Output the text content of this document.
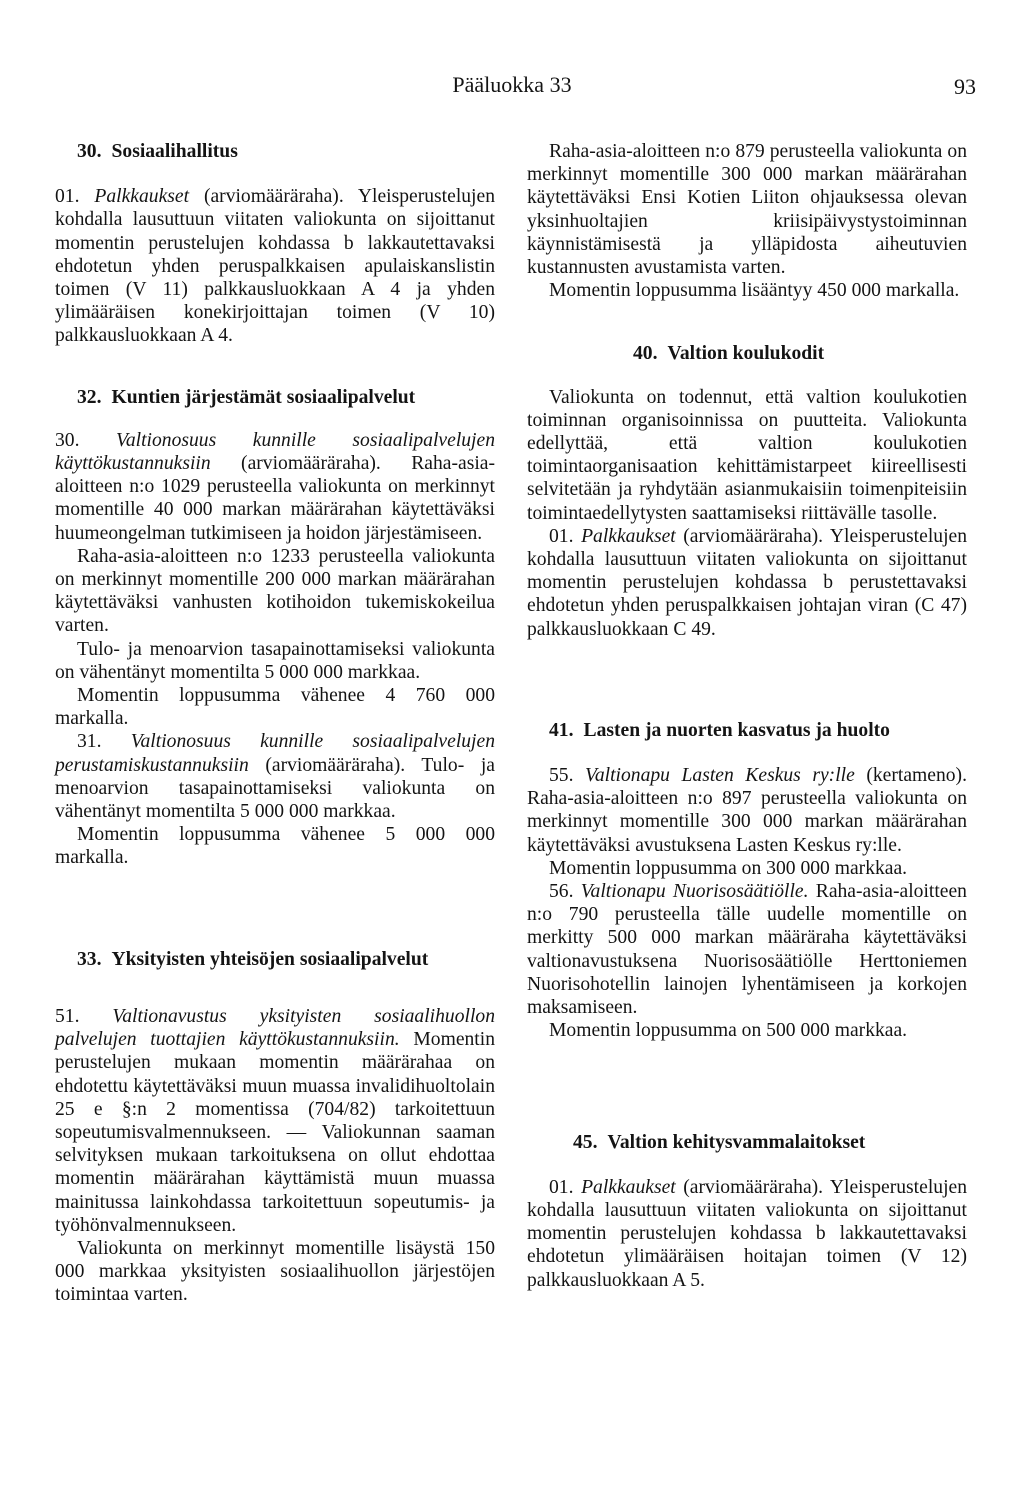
Pääluokka 33	93
30. Sosiaalihallitus

01. Palkkaukset (arviomääräraha). Yleisperustelujen kohdalla lausuttuun viitaten valiokunta on sijoittanut momentin perustelujen kohdassa b lakkautettavaksi ehdotetun yhden peruspalkkaisen apulaiskanslistin toimen (V 11) palkkausluokkaan A 4 ja yhden ylimääräisen konekirjoittajan toimen (V 10) palkkausluokkaan A 4.

32. Kuntien järjestämät sosiaalipalvelut

30. Valtionosuus kunnille sosiaalipalvelujen käyttökustannuksiin (arviomääräraha). Raha-asia-aloitteen n:o 1029 perusteella valiokunta on merkinnyt momentille 40 000 markan määrärahan käytettäväksi huumeongelman tutkimiseen ja hoidon järjestämiseen.

Raha-asia-aloitteen n:o 1233 perusteella valiokunta on merkinnyt momentille 200 000 markan määrärahan käytettäväksi vanhusten kotihoidon tukemiskokeilua varten.

Tulo- ja menoarvion tasapainottamiseksi valiokunta on vähentänyt momentilta 5 000 000 markkaa.

Momentin loppusumma vähenee 4 760 000 markalla.

31. Valtionosuus kunnille sosiaalipalvelujen perustamiskustannuksiin (arviomääräraha). Tulo- ja menoarvion tasapainottamiseksi valiokunta on vähentänyt momentilta 5 000 000 markkaa.

Momentin loppusumma vähenee 5 000 000 markalla.

33. Yksityisten yhteisöjen sosiaalipalvelut

51. Valtionavustus yksityisten sosiaalihuollon palvelujen tuottajien käyttökustannuksiin. Momentin perustelujen mukaan momentin määrärahaa on ehdotettu käytettäväksi muun muassa invalidihuoltolain 25 e §:n 2 momentissa (704/82) tarkoitettuun sopeutumisvalmennukseen. — Valiokunnan saaman selvityksen mukaan tarkoituksena on ollut ehdottaa momentin määrärahan käyttämistä muun muassa mainitussa lainkohdassa tarkoitettuun sopeutumis- ja työhönvalmennukseen.

Valiokunta on merkinnyt momentille lisäystä 150 000 markkaa yksityisten sosiaalihuollon järjestöjen toimintaa varten.

Raha-asia-aloitteen n:o 879 perusteella valiokunta on merkinnyt momentille 300 000 markan määrärahan käytettäväksi Ensi Kotien Liiton ohjauksessa olevan yksinhuoltajien kriisipäivystystoiminnan käynnistämisestä ja ylläpidosta aiheutuvien kustannusten avustamista varten.

Momentin loppusumma lisääntyy 450 000 markalla.

40. Valtion koulukodit

Valiokunta on todennut, että valtion koulukotien toiminnan organisoinnissa on puutteita. Valiokunta edellyttää, että valtion koulukotien toimintaorganisaation kehittämistarpeet kiireellisesti selvitetään ja ryhdytään asianmukaisiin toimenpiteisiin toimintaedellytysten saattamiseksi riittävälle tasolle.

01. Palkkaukset (arviomääräraha). Yleisperustelujen kohdalla lausuttuun viitaten valiokunta on sijoittanut momentin perustelujen kohdassa b perustettavaksi ehdotetun yhden peruspalkkaisen johtajan viran (C 47) palkkausluokkaan C 49.

41. Lasten ja nuorten kasvatus ja huolto

55. Valtionapu Lasten Keskus ry:lle (kertameno). Raha-asia-aloitteen n:o 897 perusteella valiokunta on merkinnyt momentille 300 000 markan määrärahan käytettäväksi avustuksena Lasten Keskus ry:lle.

Momentin loppusumma on 300 000 markkaa.

56. Valtionapu Nuorisosäätiölle. Raha-asia-aloitteen n:o 790 perusteella tälle uudelle momentille on merkitty 500 000 markan määräraha käytettäväksi valtionavustuksena Nuorisosäätiölle Herttoniemen Nuorisohotellin lainojen lyhentämiseen ja korkojen maksamiseen.

Momentin loppusumma on 500 000 markkaa.

45. Valtion kehitysvammalaitokset

01. Palkkaukset (arviomääräraha). Yleisperustelujen kohdalla lausuttuun viitaten valiokunta on sijoittanut momentin perustelujen kohdassa b lakkautettavaksi ehdotetun ylimääräisen hoitajan toimen (V 12) palkkausluokkaan A 5.
